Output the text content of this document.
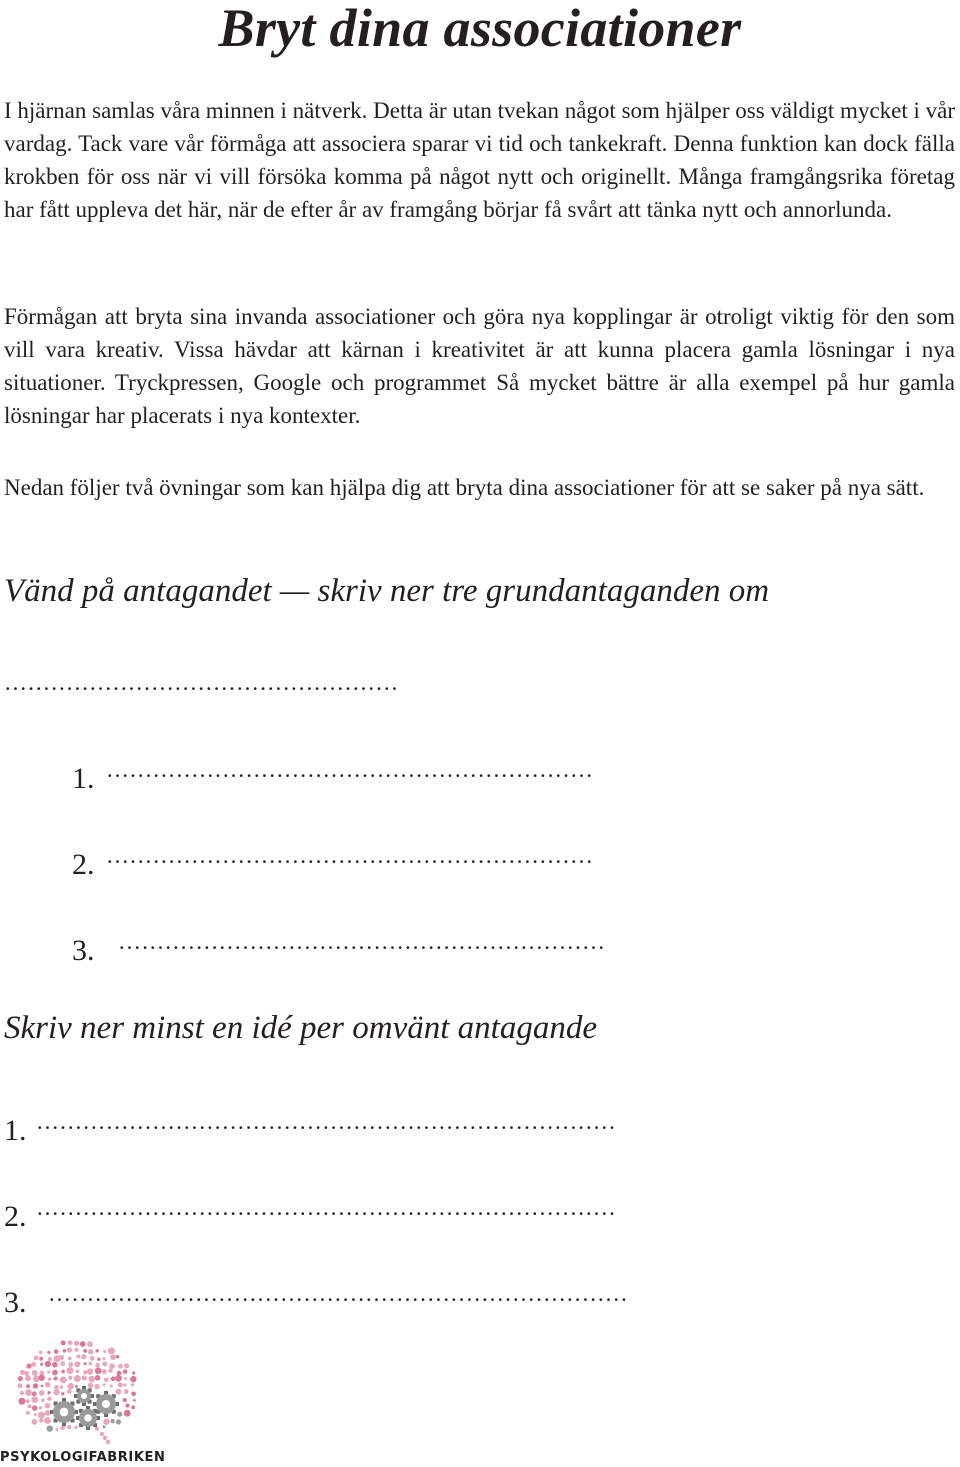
Bryt dina associationer

I hjärnan samlas våra minnen i nätverk. Detta är utan tvekan något som hjälper oss väldigt mycket i vår vardag. Tack vare vår förmåga att associera sparar vi tid och tankekraft. Denna funktion kan dock fälla krokben för oss när vi vill försöka komma på något nytt och originellt. Många framgångsrika företag har fått uppleva det här, när de efter år av framgång börjar få svårt att tänka nytt och annorlunda.

Förmågan att bryta sina invanda associationer och göra nya kopplingar är otroligt viktig för den som vill vara kreativ. Vissa hävdar att kärnan i kreativitet är att kunna placera gamla lösningar i nya situationer. Tryckpressen, Google och programmet Så mycket bättre är alla exempel på hur gamla lösningar har placerats i nya kontexter.

Nedan följer två övningar som kan hjälpa dig att bryta dina associationer för att se saker på nya sätt.

Vänd på antagandet — skriv ner tre grundantaganden om
……………………………………………
1. ………………………………………………………
2. ………………………………………………………
3. ………………………………………………………
Skriv ner minst en idé per omvänt antagande
1. …………………………………………………………………
2. …………………………………………………………………
3. …………………………………………………………………
PSYKOLOGIFABRIKEN
